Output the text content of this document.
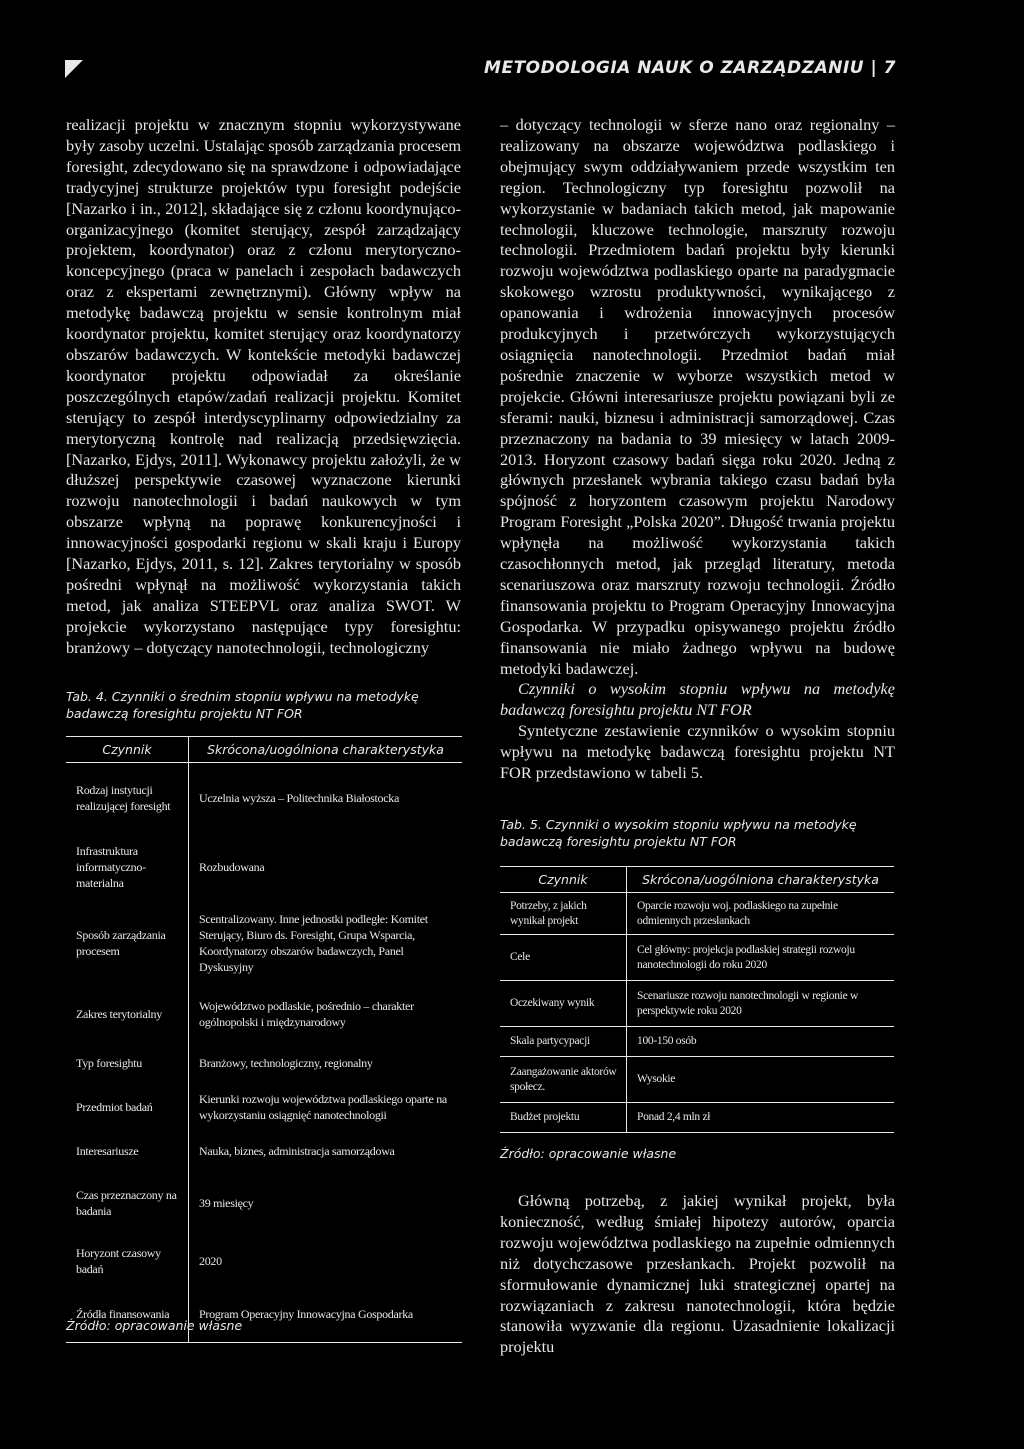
METODOLOGIA NAUK O ZARZĄDZANIU | 7

realizacji projektu w znacznym stopniu wykorzystywane były zasoby uczelni. Ustalając sposób zarządzania procesem foresight, zdecydowano się na sprawdzone i odpowiadające tradycyjnej strukturze projektów typu foresight podejście [Nazarko i in., 2012], składające się z członu koordynująco-organizacyjnego (komitet sterujący, zespół zarządzający projektem, koordynator) oraz z członu merytoryczno-koncepcyjnego (praca w panelach i zespołach badawczych oraz z ekspertami zewnętrznymi). Główny wpływ na metodykę badawczą projektu w sensie kontrolnym miał koordynator projektu, komitet sterujący oraz koordynatorzy obszarów badawczych. W kontekście metodyki badawczej koordynator projektu odpowiadał za określanie poszczególnych etapów/zadań realizacji projektu. Komitet sterujący to zespół interdyscyplinarny odpowiedzialny za merytoryczną kontrolę nad realizacją przedsięwzięcia. [Nazarko, Ejdys, 2011]. Wykonawcy projektu założyli, że w dłuższej perspektywie czasowej wyznaczone kierunki rozwoju nanotechnologii i badań naukowych w tym obszarze wpłyną na poprawę konkurencyjności i innowacyjności gospodarki regionu w skali kraju i Europy [Nazarko, Ejdys, 2011, s. 12]. Zakres terytorialny w sposób pośredni wpłynął na możliwość wykorzystania takich metod, jak analiza STEEPVL oraz analiza SWOT. W projekcie wykorzystano następujące typy foresightu: branżowy – dotyczący nanotechnologii, technologiczny

Tab. 4. Czynniki o średnim stopniu wpływu na metodykę badawczą foresightu projektu NT FOR
Czynnik	Skrócona/uogólniona charakterystyka
Rodzaj instytucji realizującej foresight	Uczelnia wyższa – Politechnika Białostocka
Infrastruktura informatyczno-materialna	Rozbudowana
Sposób zarządzania procesem	Scentralizowany. Inne jednostki podległe: Komitet Sterujący, Biuro ds. Foresight, Grupa Wsparcia, Koordynatorzy obszarów badawczych, Panel Dyskusyjny
Zakres terytorialny	Województwo podlaskie, pośrednio – charakter ogólnopolski i międzynarodowy
Typ foresightu	Branżowy, technologiczny, regionalny
Przedmiot badań	Kierunki rozwoju województwa podlaskiego oparte na wykorzystaniu osiągnięć nanotechnologii
Interesariusze	Nauka, biznes, administracja samorządowa
Czas przeznaczony na badania	39 miesięcy
Horyzont czasowy badań	2020
Źródła finansowania	Program Operacyjny Innowacyjna Gospodarka
Źródło: opracowanie własne

– dotyczący technologii w sferze nano oraz regionalny – realizowany na obszarze województwa podlaskiego i obejmujący swym oddziaływaniem przede wszystkim ten region. Technologiczny typ foresightu pozwolił na wykorzystanie w badaniach takich metod, jak mapowanie technologii, kluczowe technologie, marszruty rozwoju technologii. Przedmiotem badań projektu były kierunki rozwoju województwa podlaskiego oparte na paradygmacie skokowego wzrostu produktywności, wynikającego z opanowania i wdrożenia innowacyjnych procesów produkcyjnych i przetwórczych wykorzystujących osiągnięcia nanotechnologii. Przedmiot badań miał pośrednie znaczenie w wyborze wszystkich metod w projekcie. Główni interesariusze projektu powiązani byli ze sferami: nauki, biznesu i administracji samorządowej. Czas przeznaczony na badania to 39 miesięcy w latach 2009-2013. Horyzont czasowy badań sięga roku 2020. Jedną z głównych przesłanek wybrania takiego czasu badań była spójność z horyzontem czasowym projektu Narodowy Program Foresight „Polska 2020”. Długość trwania projektu wpłynęła na możliwość wykorzystania takich czasochłonnych metod, jak przegląd literatury, metoda scenariuszowa oraz marszruty rozwoju technologii. Źródło finansowania projektu to Program Operacyjny Innowacyjna Gospodarka. W przypadku opisywanego projektu źródło finansowania nie miało żadnego wpływu na budowę metodyki badawczej.

Czynniki o wysokim stopniu wpływu na metodykę badawczą foresightu projektu NT FOR

Syntetyczne zestawienie czynników o wysokim stopniu wpływu na metodykę badawczą foresightu projektu NT FOR przedstawiono w tabeli 5.

Tab. 5. Czynniki o wysokim stopniu wpływu na metodykę badawczą foresightu projektu NT FOR
Czynnik	Skrócona/uogólniona charakterystyka
Potrzeby, z jakich wynikał projekt	Oparcie rozwoju woj. podlaskiego na zupełnie odmiennych przesłankach
Cele	Cel główny: projekcja podlaskiej strategii rozwoju nanotechnologii do roku 2020
Oczekiwany wynik	Scenariusze rozwoju nanotechnologii w regionie w perspektywie roku 2020
Skala partycypacji	100-150 osób
Zaangażowanie aktorów społecz.	Wysokie
Budżet projektu	Ponad 2,4 mln zł
Źródło: opracowanie własne

Główną potrzebą, z jakiej wynikał projekt, była konieczność, według śmiałej hipotezy autorów, oparcia rozwoju województwa podlaskiego na zupełnie odmiennych niż dotychczasowe przesłankach. Projekt pozwolił na sformułowanie dynamicznej luki strategicznej opartej na rozwiązaniach z zakresu nanotechnologii, która będzie stanowiła wyzwanie dla regionu. Uzasadnienie lokalizacji projektu
